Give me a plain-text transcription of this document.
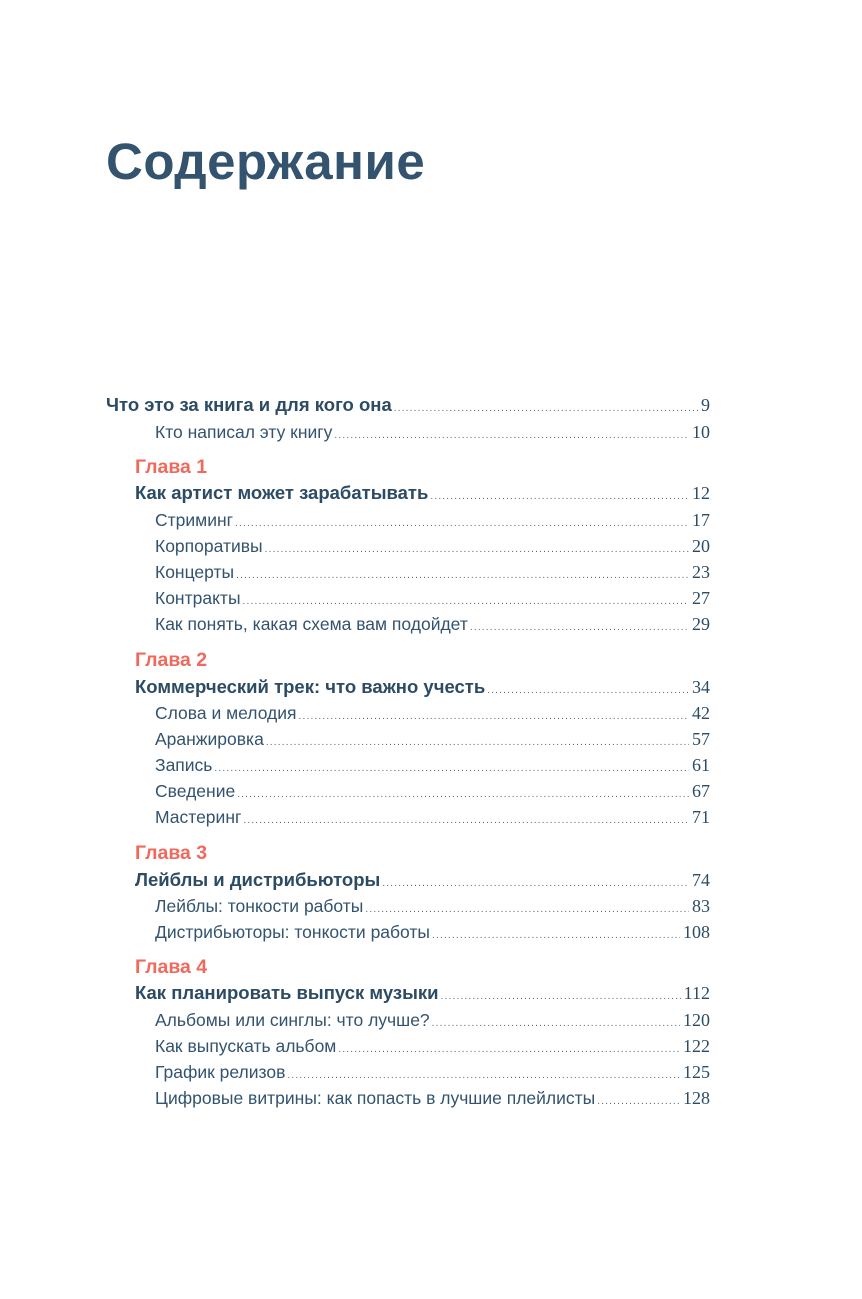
Содержание
Что это за книга и для кого она .....	9
Кто написал эту книгу .....	10
Глава 1
Как артист может зарабатывать .....	12
Стриминг .....	17
Корпоративы .....	20
Концерты .....	23
Контракты .....	27
Как понять, какая схема вам подойдет .....	29
Глава 2
Коммерческий трек: что важно учесть .....	34
Слова и мелодия .....	42
Аранжировка .....	57
Запись .....	61
Сведение .....	67
Мастеринг .....	71
Глава 3
Лейблы и дистрибьюторы .....	74
Лейблы: тонкости работы .....	83
Дистрибьюторы: тонкости работы .....	108
Глава 4
Как планировать выпуск музыки .....	112
Альбомы или синглы: что лучше? .....	120
Как выпускать альбом .....	122
График релизов .....	125
Цифровые витрины: как попасть в лучшие плейлисты .....	128
